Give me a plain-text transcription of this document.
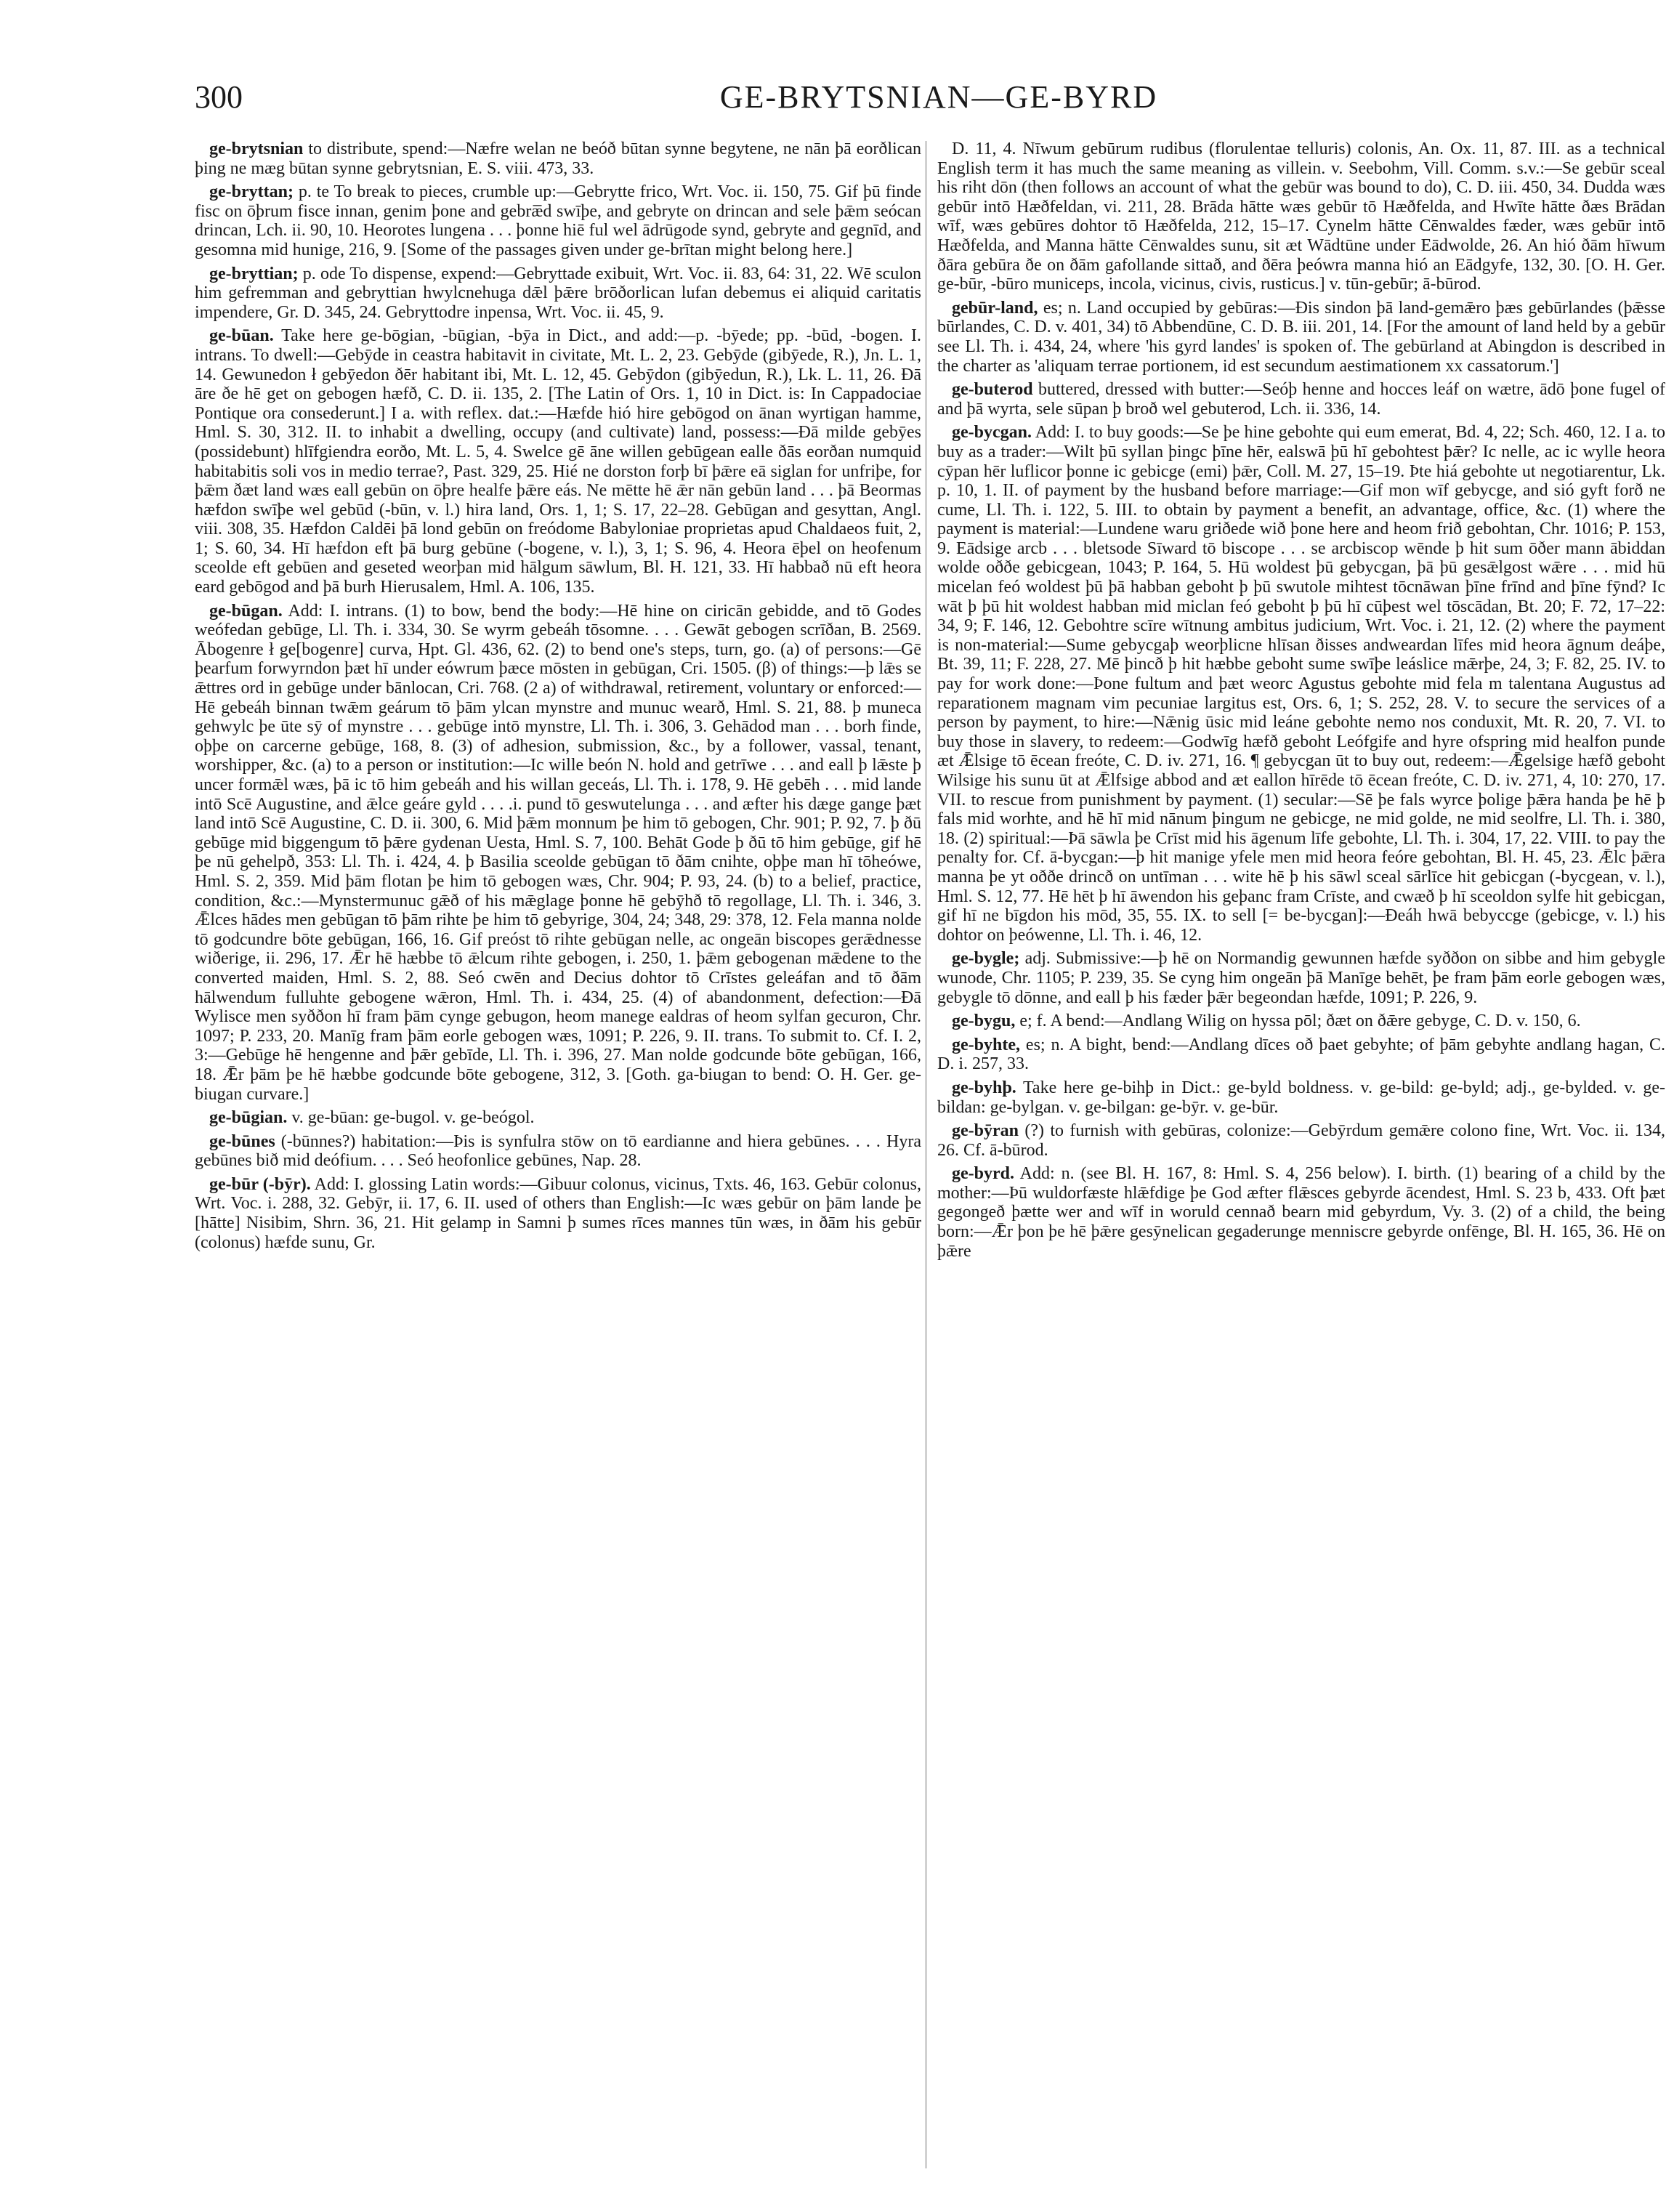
300	GE-BRYTSNIAN—GE-BYRD

ge-brytsnian to distribute, spend:—Næfre welan ne beóð būtan synne begytene, ne nān þā eorðlican þing ne mæg būtan synne gebrytsnian, E. S. viii. 473, 33.

ge-bryttan; p. te To break to pieces, crumble up:—Gebrytte frico, Wrt. Voc. ii. 150, 75. Gif þū finde fisc on ōþrum fisce innan, genim þone and gebræ̅d swīþe, and gebryte on drincan and sele þǣm seócan drincan, Lch. ii. 90, 10. Heorotes lungena . . . þonne hiē ful wel ādrūgode synd, gebryte and gegnīd, and gesomna mid hunige, 216, 9. [Some of the passages given under ge-brītan might belong here.]

ge-bryttian; p. ode To dispense, expend:—Gebryttade exibuit, Wrt. Voc. ii. 83, 64: 31, 22. Wē sculon him gefremman and gebryttian hwylcnehuga dǣl þǣre brōðorlican lufan debemus ei aliquid caritatis impendere, Gr. D. 345, 24. Gebryttodre inpensa, Wrt. Voc. ii. 45, 9.

ge-būan. Take here ge-bōgian, -būgian, -bȳa in Dict., and add:—p. -bȳede; pp. -būd, -bogen. I. intrans. To dwell:—Gebȳde in ceastra habitavit in civitate, Mt. L. 2, 23. Gebȳde (gibȳede, R.), Jn. L. 1, 14. Gewunedon ł gebȳedon ðēr habitant ibi, Mt. L. 12, 45. Gebȳdon (gibȳedun, R.), Lk. L. 11, 26. Ðā āre ðe hē get on gebogen hæfð, C. D. ii. 135, 2. [The Latin of Ors. 1, 10 in Dict. is: In Cappadociae Pontique ora consederunt.] I a. with reflex. dat.:—Hæfde hió hire gebōgod on ānan wyrtigan hamme, Hml. S. 30, 312. II. to inhabit a dwelling, occupy (and cultivate) land, possess:—Ðā milde gebȳes (possidebunt) hlīfgiendra eorðo, Mt. L. 5, 4. Swelce gē āne willen gebūgean ealle ðās eorðan numquid habitabitis soli vos in medio terrae?, Past. 329, 25. Hié ne dorston forþ bī þǣre eā siglan for unfriþe, for þǣm ðæt land wæs eall gebūn on ōþre healfe þǣre eás. Ne mētte hē ǣr nān gebūn land . . . þā Beormas hæfdon swīþe wel gebūd (-būn, v. l.) hira land, Ors. 1, 1; S. 17, 22–28. Gebūgan and gesyttan, Angl. viii. 308, 35. Hæfdon Caldēi þā lond gebūn on freódome Babyloniae proprietas apud Chaldaeos fuit, 2, 1; S. 60, 34. Hī hæfdon eft þā burg gebūne (-bogene, v. l.), 3, 1; S. 96, 4. Heora ēþel on heofenum sceolde eft gebūen and geseted weorþan mid hālgum sāwlum, Bl. H. 121, 33. Hī habbað nū eft heora eard gebōgod and þā burh Hierusalem, Hml. A. 106, 135.

ge-būgan. Add: I. intrans. (1) to bow, bend the body:—Hē hine on ciricān gebidde, and tō Godes weófedan gebūge, Ll. Th. i. 334, 30. Se wyrm gebeáh tōsomne. . . . Gewāt gebogen scrīðan, B. 2569. Ābogenre ł ge[bogenre] curva, Hpt. Gl. 436, 62. (2) to bend one's steps, turn, go. (a) of persons:—Gē þearfum forwyrndon þæt hī under eówrum þæce mōsten in gebūgan, Cri. 1505. (β) of things:—þ lǣs se ǣttres ord in gebūge under bānlocan, Cri. 768. (2 a) of withdrawal, retirement, voluntary or enforced:—Hē gebeáh binnan twǣm geárum tō þām ylcan mynstre and munuc wearð, Hml. S. 21, 88. þ muneca gehwylc þe ūte sȳ of mynstre . . . gebūge intō mynstre, Ll. Th. i. 306, 3. Gehādod man . . . borh finde, oþþe on carcerne gebūge, 168, 8. (3) of adhesion, submission, &c., by a follower, vassal, tenant, worshipper, &c. (a) to a person or institution:—Ic wille beón N. hold and getrīwe . . . and eall þ lǣste þ uncer formǣl wæs, þā ic tō him gebeáh and his willan geceás, Ll. Th. i. 178, 9. Hē gebēh . . . mid lande intō Scē Augustine, and ǣlce geáre gyld . . . .i. pund tō geswutelunga . . . and æfter his dæge gange þæt land intō Scē Augustine, C. D. ii. 300, 6. Mid þǣm monnum þe him tō gebogen, Chr. 901; P. 92, 7. þ ðū gebūge mid biggengum tō þǣre gydenan Uesta, Hml. S. 7, 100. Behāt Gode þ ðū tō him gebūge, gif hē þe nū gehelpð, 353: Ll. Th. i. 424, 4. þ Basilia sceolde gebūgan tō ðām cnihte, oþþe man hī tōheówe, Hml. S. 2, 359. Mid þām flotan þe him tō gebogen wæs, Chr. 904; P. 93, 24. (b) to a belief, practice, condition, &c.:—Mynstermunuc gǣð of his mǣglage þonne hē gebȳhð tō regollage, Ll. Th. i. 346, 3. Ǣlces hādes men gebūgan tō þām rihte þe him tō gebyrige, 304, 24; 348, 29: 378, 12. Fela manna nolde tō godcundre bōte gebūgan, 166, 16. Gif preóst tō rihte gebūgan nelle, ac ongeān biscopes gerǣdnesse wiðerige, ii. 296, 17. Ǣr hē hæbbe tō ǣlcum rihte gebogen, i. 250, 1. þǣm gebogenan mǣdene to the converted maiden, Hml. S. 2, 88. Seó cwēn and Decius dohtor tō Crīstes geleáfan and tō ðām hālwendum fulluhte gebogene wǣron, Hml. Th. i. 434, 25. (4) of abandonment, defection:—Ðā Wylisce men syððon hī fram þām cynge gebugon, heom manege ealdras of heom sylfan gecuron, Chr. 1097; P. 233, 20. Manīg fram þām eorle gebogen wæs, 1091; P. 226, 9. II. trans. To submit to. Cf. I. 2, 3:—Gebūge hē hengenne and þǣr gebīde, Ll. Th. i. 396, 27. Man nolde godcunde bōte gebūgan, 166, 18. Ǣr þām þe hē hæbbe godcunde bōte gebogene, 312, 3. [Goth. ga-biugan to bend: O. H. Ger. ge-biugan curvare.]

ge-būgian. v. ge-būan: ge-bugol. v. ge-beógol.

ge-būnes (-būnnes?) habitation:—Þis is synfulra stōw on tō eardianne and hiera gebūnes. . . . Hyra gebūnes bið mid deófium. . . . Seó heofonlice gebūnes, Nap. 28.

ge-būr (-bȳr). Add: I. glossing Latin words:—Gibuur colonus, vicinus, Txts. 46, 163. Gebūr colonus, Wrt. Voc. i. 288, 32. Gebȳr, ii. 17, 6. II. used of others than English:—Ic wæs gebūr on þām lande þe [hātte] Nisibim, Shrn. 36, 21. Hit gelamp in Samni þ sumes rīces mannes tūn wæs, in ðām his gebūr (colonus) hæfde sunu, Gr.

D. 11, 4. Nīwum gebūrum rudibus (florulentae telluris) colonis, An. Ox. 11, 87. III. as a technical English term it has much the same meaning as villein. v. Seebohm, Vill. Comm. s.v.:—Se gebūr sceal his riht dōn (then follows an account of what the gebūr was bound to do), C. D. iii. 450, 34. Dudda wæs gebūr intō Hæðfeldan, vi. 211, 28. Brāda hātte wæs gebūr tō Hæðfelda, and Hwīte hātte ðæs Brādan wīf, wæs gebūres dohtor tō Hæðfelda, 212, 15–17. Cynelm hātte Cēnwaldes fæder, wæs gebūr intō Hæðfelda, and Manna hātte Cēnwaldes sunu, sit æt Wādtūne under Eādwolde, 26. An hió ðām hīwum ðāra gebūra ðe on ðām gafollande sittað, and ðēra þeówra manna hió an Eādgyfe, 132, 30. [O. H. Ger. ge-būr, -būro municeps, incola, vicinus, civis, rusticus.] v. tūn-gebūr; ā-būrod.

gebūr-land, es; n. Land occupied by gebūras:—Ðis sindon þā land-gemǣro þæs gebūrlandes (þǣsse būrlandes, C. D. v. 401, 34) tō Abbendūne, C. D. B. iii. 201, 14. [For the amount of land held by a gebūr see Ll. Th. i. 434, 24, where 'his gyrd landes' is spoken of. The gebūrland at Abingdon is described in the charter as 'aliquam terrae portionem, id est secundum aestimationem xx cassatorum.']

ge-buterod buttered, dressed with butter:—Seóþ henne and hocces leáf on wætre, ādō þone fugel of and þā wyrta, sele sūpan þ broð wel gebuterod, Lch. ii. 336, 14.

ge-bycgan. Add: I. to buy goods:—Se þe hine gebohte qui eum emerat, Bd. 4, 22; Sch. 460, 12. I a. to buy as a trader:—Wilt þū syllan þingc þīne hēr, ealswā þū hī gebohtest þǣr? Ic nelle, ac ic wylle heora cȳpan hēr luflicor þonne ic gebicge (emi) þǣr, Coll. M. 27, 15–19. Þte hiá gebohte ut negotiarentur, Lk. p. 10, 1. II. of payment by the husband before marriage:—Gif mon wīf gebycge, and sió gyft forð ne cume, Ll. Th. i. 122, 5. III. to obtain by payment a benefit, an advantage, office, &c. (1) where the payment is material:—Lundene waru griðede wið þone here and heom frið gebohtan, Chr. 1016; P. 153, 9. Eādsige arcb . . . bletsode Sīward tō biscope . . . se arcbiscop wēnde þ hit sum ōðer mann ābiddan wolde oððe gebicgean, 1043; P. 164, 5. Hū woldest þū gebycgan, þā þū gesǣlgost wǣre . . . mid hū micelan feó woldest þū þā habban geboht þ þū swutole mihtest tōcnāwan þīne frīnd and þīne fȳnd? Ic wāt þ þū hit woldest habban mid miclan feó geboht þ þū hī cūþest wel tōscādan, Bt. 20; F. 72, 17–22: 34, 9; F. 146, 12. Gebohtre scīre wītnung ambitus judicium, Wrt. Voc. i. 21, 12. (2) where the payment is non-material:—Sume gebycgaþ weorþlicne hlīsan ðisses andweardan līfes mid heora āgnum deáþe, Bt. 39, 11; F. 228, 27. Mē þincð þ hit hæbbe geboht sume swīþe leáslice mǣrþe, 24, 3; F. 82, 25. IV. to pay for work done:—Þone fultum and þæt weorc Agustus gebohte mid fela m talentana Augustus ad reparationem magnam vim pecuniae largitus est, Ors. 6, 1; S. 252, 28. V. to secure the services of a person by payment, to hire:—Nǣnig ūsic mid leáne gebohte nemo nos conduxit, Mt. R. 20, 7. VI. to buy those in slavery, to redeem:—Godwīg hæfð geboht Leófgife and hyre ofspring mid healfon punde æt Ǣlsige tō ēcean freóte, C. D. iv. 271, 16. ¶ gebycgan ūt to buy out, redeem:—Ǣgelsige hæfð geboht Wilsige his sunu ūt at Ǣlfsige abbod and æt eallon hīrēde tō ēcean freóte, C. D. iv. 271, 4, 10: 270, 17. VII. to rescue from punishment by payment. (1) secular:—Sē þe fals wyrce þolige þǣra handa þe hē þ fals mid worhte, and hē hī mid nānum þingum ne gebicge, ne mid golde, ne mid seolfre, Ll. Th. i. 380, 18. (2) spiritual:—Þā sāwla þe Crīst mid his āgenum līfe gebohte, Ll. Th. i. 304, 17, 22. VIII. to pay the penalty for. Cf. ā-bycgan:—þ hit manige yfele men mid heora feóre gebohtan, Bl. H. 45, 23. Ǣlc þǣra manna þe yt oððe drincð on untīman . . . wite hē þ his sāwl sceal sārlīce hit gebicgan (-bycgean, v. l.), Hml. S. 12, 77. Hē hēt þ hī āwendon his geþanc fram Crīste, and cwæð þ hī sceoldon sylfe hit gebicgan, gif hī ne bīgdon his mōd, 35, 55. IX. to sell [= be-bycgan]:—Ðeáh hwā bebyccge (gebicge, v. l.) his dohtor on þeówenne, Ll. Th. i. 46, 12.

ge-bygle; adj. Submissive:—þ hē on Normandig gewunnen hæfde syððon on sibbe and him gebygle wunode, Chr. 1105; P. 239, 35. Se cyng him ongeān þā Manīge behēt, þe fram þām eorle gebogen wæs, gebygle tō dōnne, and eall þ his fæder þǣr begeondan hæfde, 1091; P. 226, 9.

ge-bygu, e; f. A bend:—Andlang Wilig on hyssa pōl; ðæt on ðǣre gebyge, C. D. v. 150, 6.

ge-byhte, es; n. A bight, bend:—Andlang dīces oð þaet gebyhte; of þām gebyhte andlang hagan, C. D. i. 257, 33.

ge-byhþ. Take here ge-bihþ in Dict.: ge-byld boldness. v. ge-bild: ge-byld; adj., ge-bylded. v. ge-bildan: ge-bylgan. v. ge-bilgan: ge-bȳr. v. ge-būr.

ge-bȳran (?) to furnish with gebūras, colonize:—Gebȳrdum gemǣre colono fine, Wrt. Voc. ii. 134, 26. Cf. ā-būrod.

ge-byrd. Add: n. (see Bl. H. 167, 8: Hml. S. 4, 256 below). I. birth. (1) bearing of a child by the mother:—Þū wuldorfæste hlǣfdige þe God æfter flǣsces gebyrde ācendest, Hml. S. 23 b, 433. Oft þæt gegongeð þætte wer and wīf in woruld cennað bearn mid gebyrdum, Vy. 3. (2) of a child, the being born:—Ǣr þon þe hē þǣre gesȳnelican gegaderunge menniscre gebyrde onfēnge, Bl. H. 165, 36. Hē on þǣre
